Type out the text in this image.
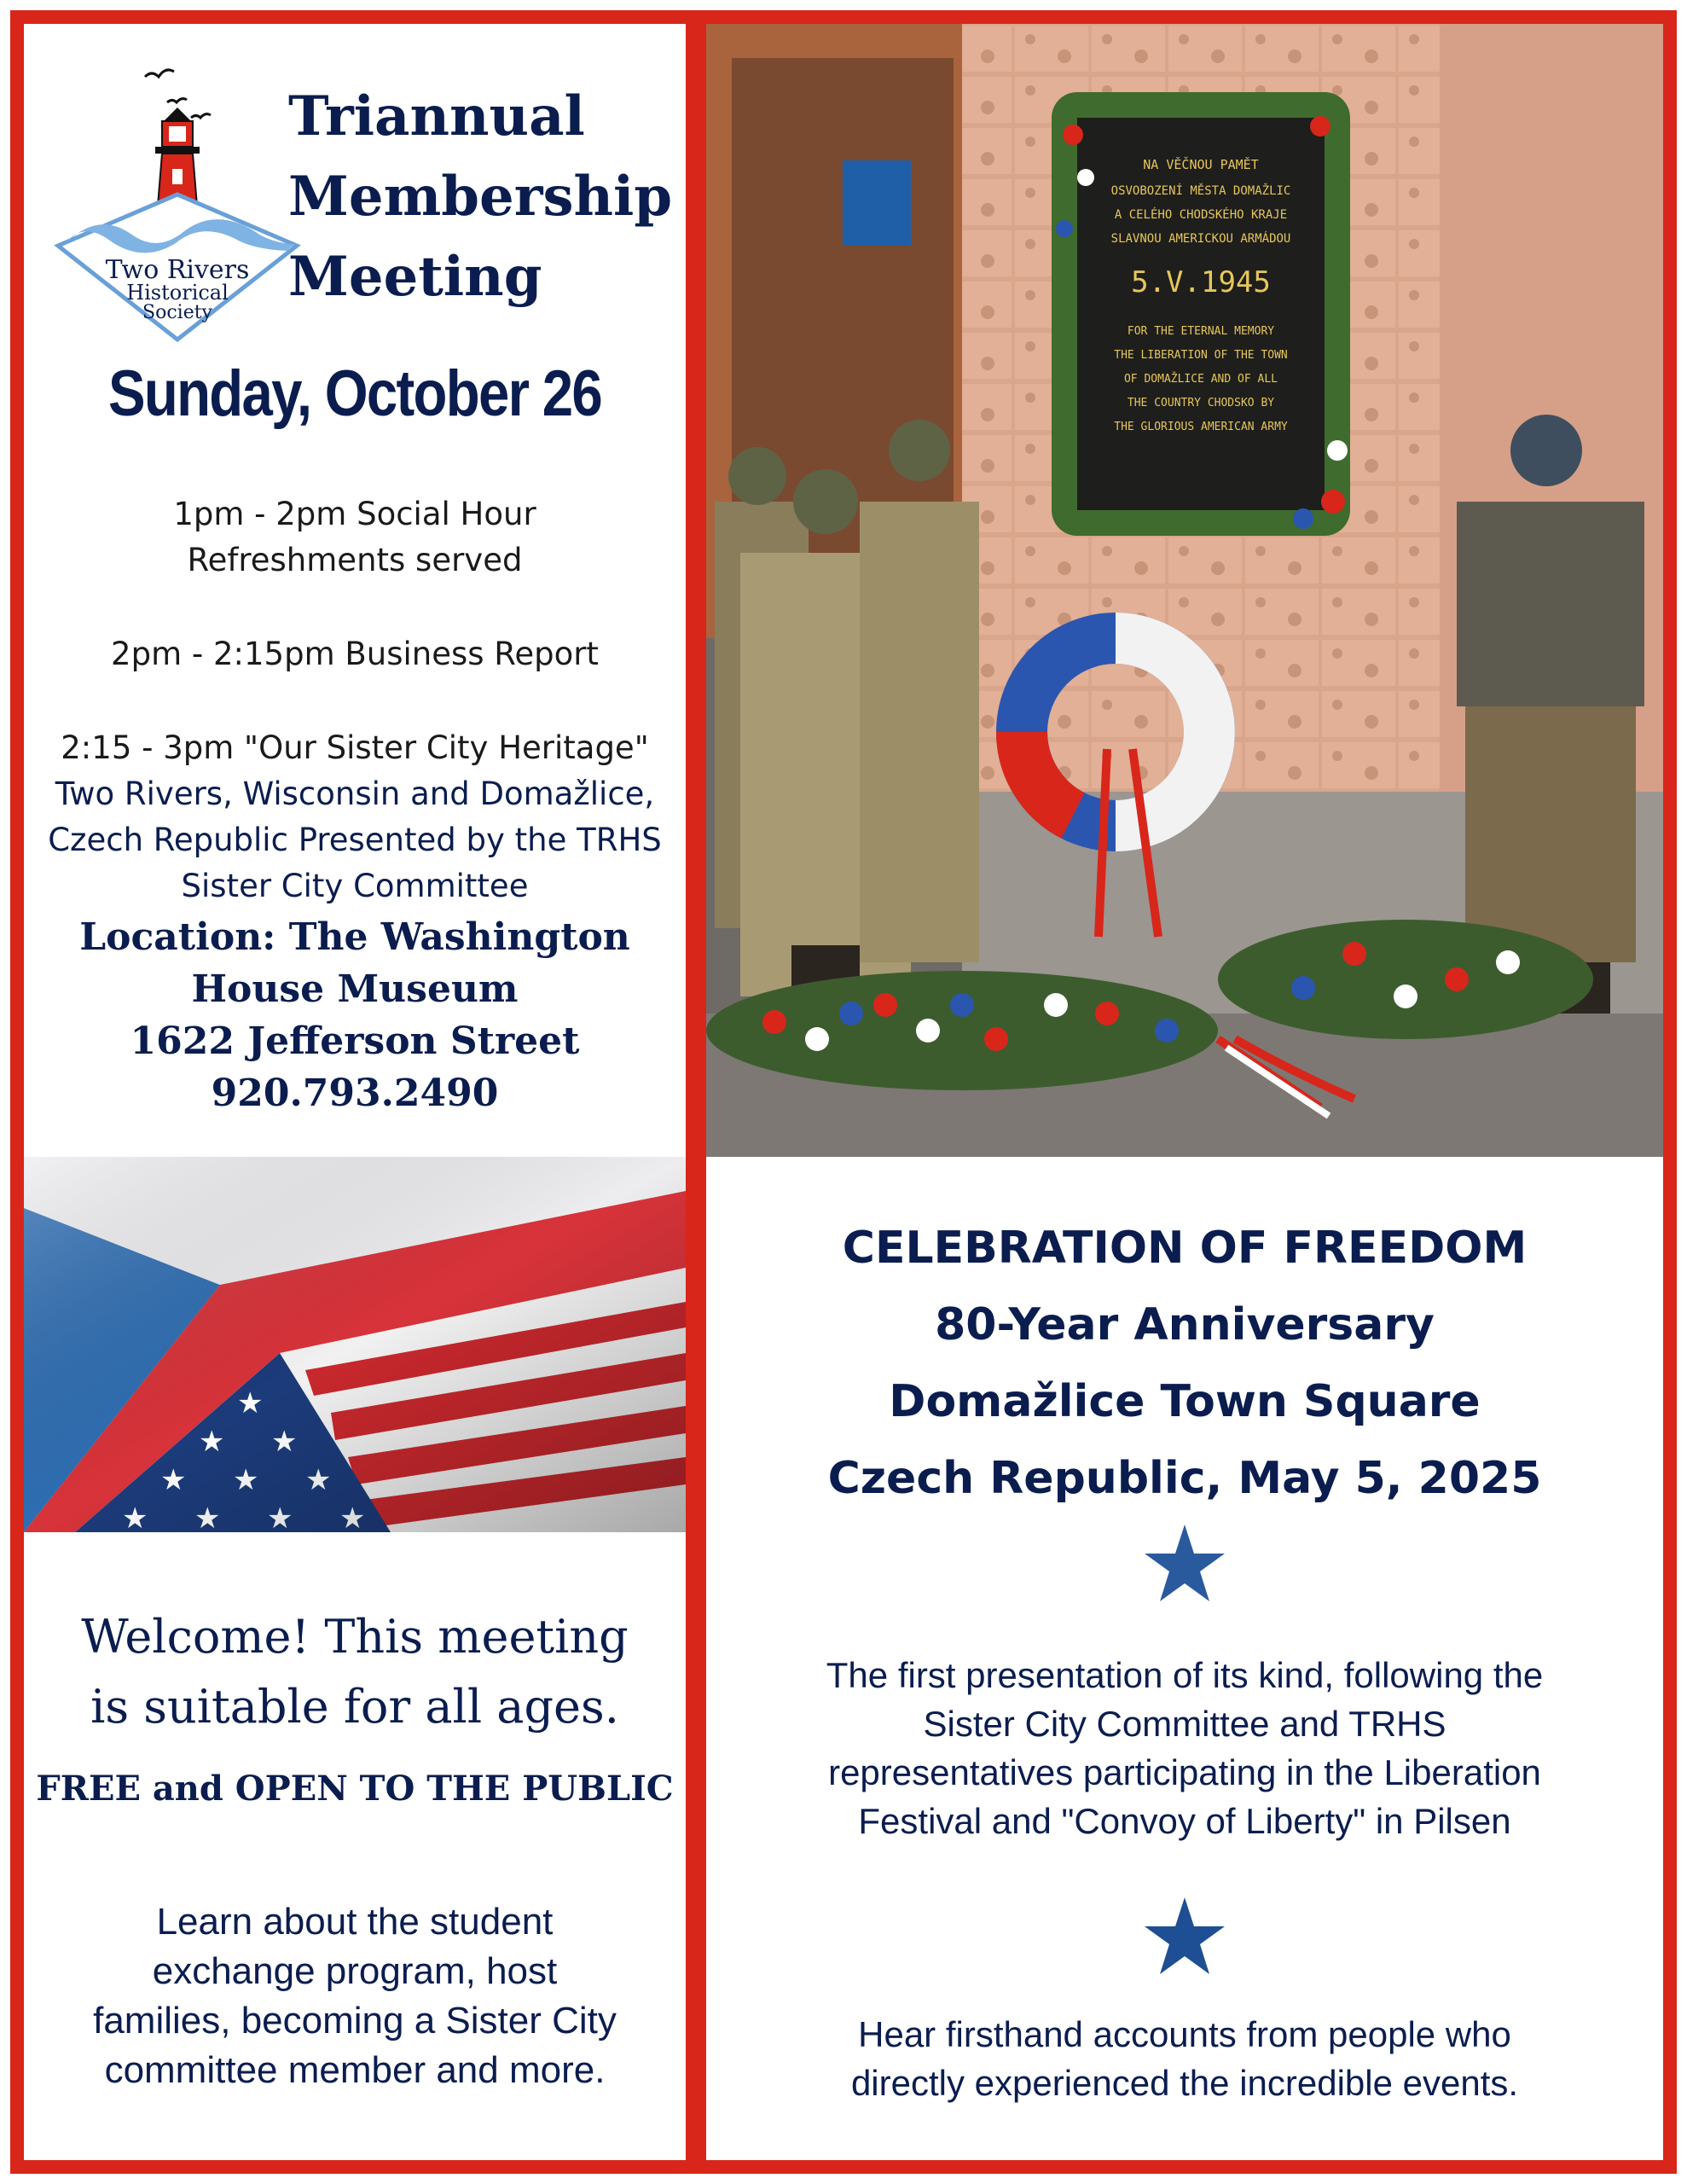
Two Rivers
Historical
Society
Triannual
Membership
Meeting
Sunday, October 26
1pm - 2pm Social Hour
Refreshments served
2pm - 2:15pm Business Report
2:15 - 3pm "Our Sister City Heritage"
Two Rivers, Wisconsin and Domažlice,
Czech Republic Presented by the TRHS
Sister City Committee
Location: The Washington
House Museum
1622 Jefferson Street
920.793.2490
Welcome! This meeting
is suitable for all ages.
FREE and OPEN TO THE PUBLIC
Learn about the student
exchange program, host
families, becoming a Sister City
committee member and more.
NA VĚČNOU PAMĚT
OSVOBOZENÍ MĚSTA DOMAŽLIC
A CELÉHO CHODSKÉHO KRAJE
SLAVNOU AMERICKOU ARMÁDOU
5.V.1945
FOR THE ETERNAL MEMORY
THE LIBERATION OF THE TOWN
OF DOMAŽLICE AND OF ALL
THE COUNTRY CHODSKO BY
THE GLORIOUS AMERICAN ARMY
CELEBRATION OF FREEDOM
80-Year Anniversary
Domažlice Town Square
Czech Republic, May 5, 2025
The first presentation of its kind, following the
Sister City Committee and TRHS
representatives participating in the Liberation
Festival and "Convoy of Liberty" in Pilsen
Hear firsthand accounts from people who
directly experienced the incredible events.
